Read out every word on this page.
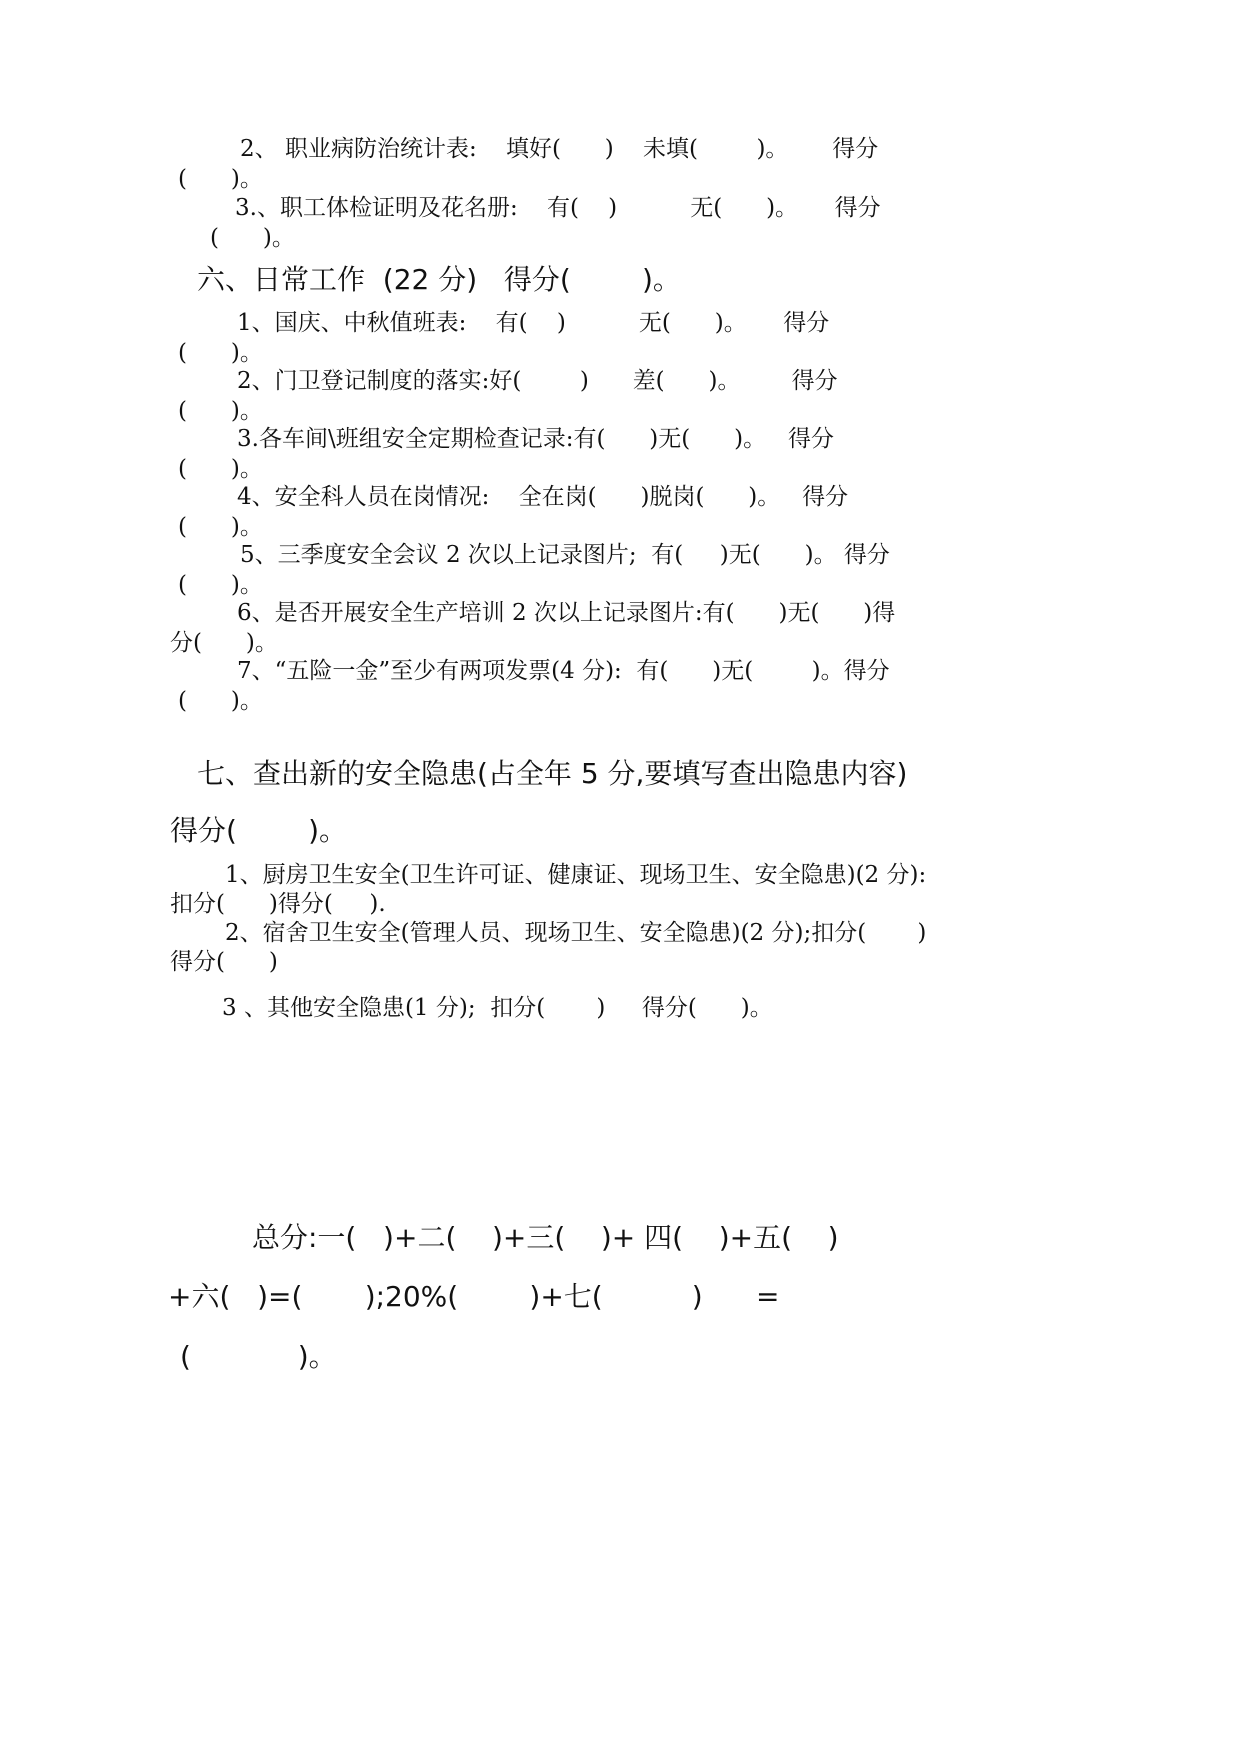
2、 职业病防治统计表:    填好(      )    未填(        )。      得分
(      )。
3.、职工体检证明及花名册:    有(    )          无(      )。     得分
(      )。
六、日常工作  (22 分)   得分(        )。
1、国庆、中秋值班表:    有(    )          无(      )。     得分
(      )。
2、门卫登记制度的落实:好(        )      差(      )。       得分
(      )。
3.各车间\班组安全定期检查记录:有(      )无(      )。   得分
(      )。
4、安全科人员在岗情况:    全在岗(      )脱岗(      )。   得分
(      )。
5、三季度安全会议 2 次以上记录图片;  有(     )无(      )。 得分
(      )。
6、是否开展安全生产培训 2 次以上记录图片:有(      )无(      )得
分(      )。
7、“五险一金”至少有两项发票(4 分):  有(      )无(        )。得分
(      )。
七、查出新的安全隐患(占全年 5 分,要填写查出隐患内容)
得分(        )。
1、厨房卫生安全(卫生许可证、健康证、现场卫生、安全隐患)(2 分):
扣分(      )得分(     ).
2、宿舍卫生安全(管理人员、现场卫生、安全隐患)(2 分);扣分(       )
得分(      )
3 、其他安全隐患(1 分);  扣分(       )     得分(      )。
总分:一(   )+二(    )+三(    )+ 四(    )+五(    )
+六(   )=(       );20%(        )+七(          )      =
(            )。
